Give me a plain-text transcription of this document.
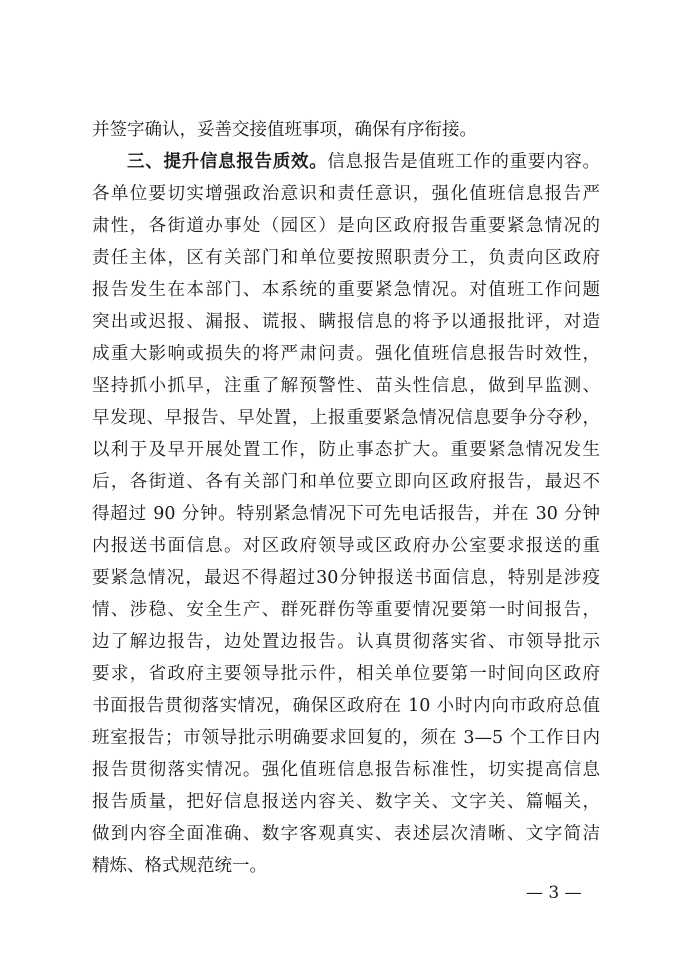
并签字确认，妥善交接值班事项，确保有序衔接。
三、提升信息报告质效。信息报告是值班工作的重要内容。
各单位要切实增强政治意识和责任意识，强化值班信息报告严
肃性，各街道办事处（园区）是向区政府报告重要紧急情况的
责任主体，区有关部门和单位要按照职责分工，负责向区政府
报告发生在本部门、本系统的重要紧急情况。对值班工作问题
突出或迟报、漏报、谎报、瞒报信息的将予以通报批评，对造
成重大影响或损失的将严肃问责。强化值班信息报告时效性，
坚持抓小抓早，注重了解预警性、苗头性信息，做到早监测、
早发现、早报告、早处置，上报重要紧急情况信息要争分夺秒，
以利于及早开展处置工作，防止事态扩大。重要紧急情况发生
后，各街道、各有关部门和单位要立即向区政府报告，最迟不
得超过 90 分钟。特别紧急情况下可先电话报告，并在 30 分钟
内报送书面信息。对区政府领导或区政府办公室要求报送的重
要紧急情况，最迟不得超过30分钟报送书面信息，特别是涉疫
情、涉稳、安全生产、群死群伤等重要情况要第一时间报告，
边了解边报告，边处置边报告。认真贯彻落实省、市领导批示
要求，省政府主要领导批示件，相关单位要第一时间向区政府
书面报告贯彻落实情况，确保区政府在 10 小时内向市政府总值
班室报告；市领导批示明确要求回复的，须在 3—5 个工作日内
报告贯彻落实情况。强化值班信息报告标准性，切实提高信息
报告质量，把好信息报送内容关、数字关、文字关、篇幅关，
做到内容全面准确、数字客观真实、表述层次清晰、文字简洁
精炼、格式规范统一。
— 3 —
